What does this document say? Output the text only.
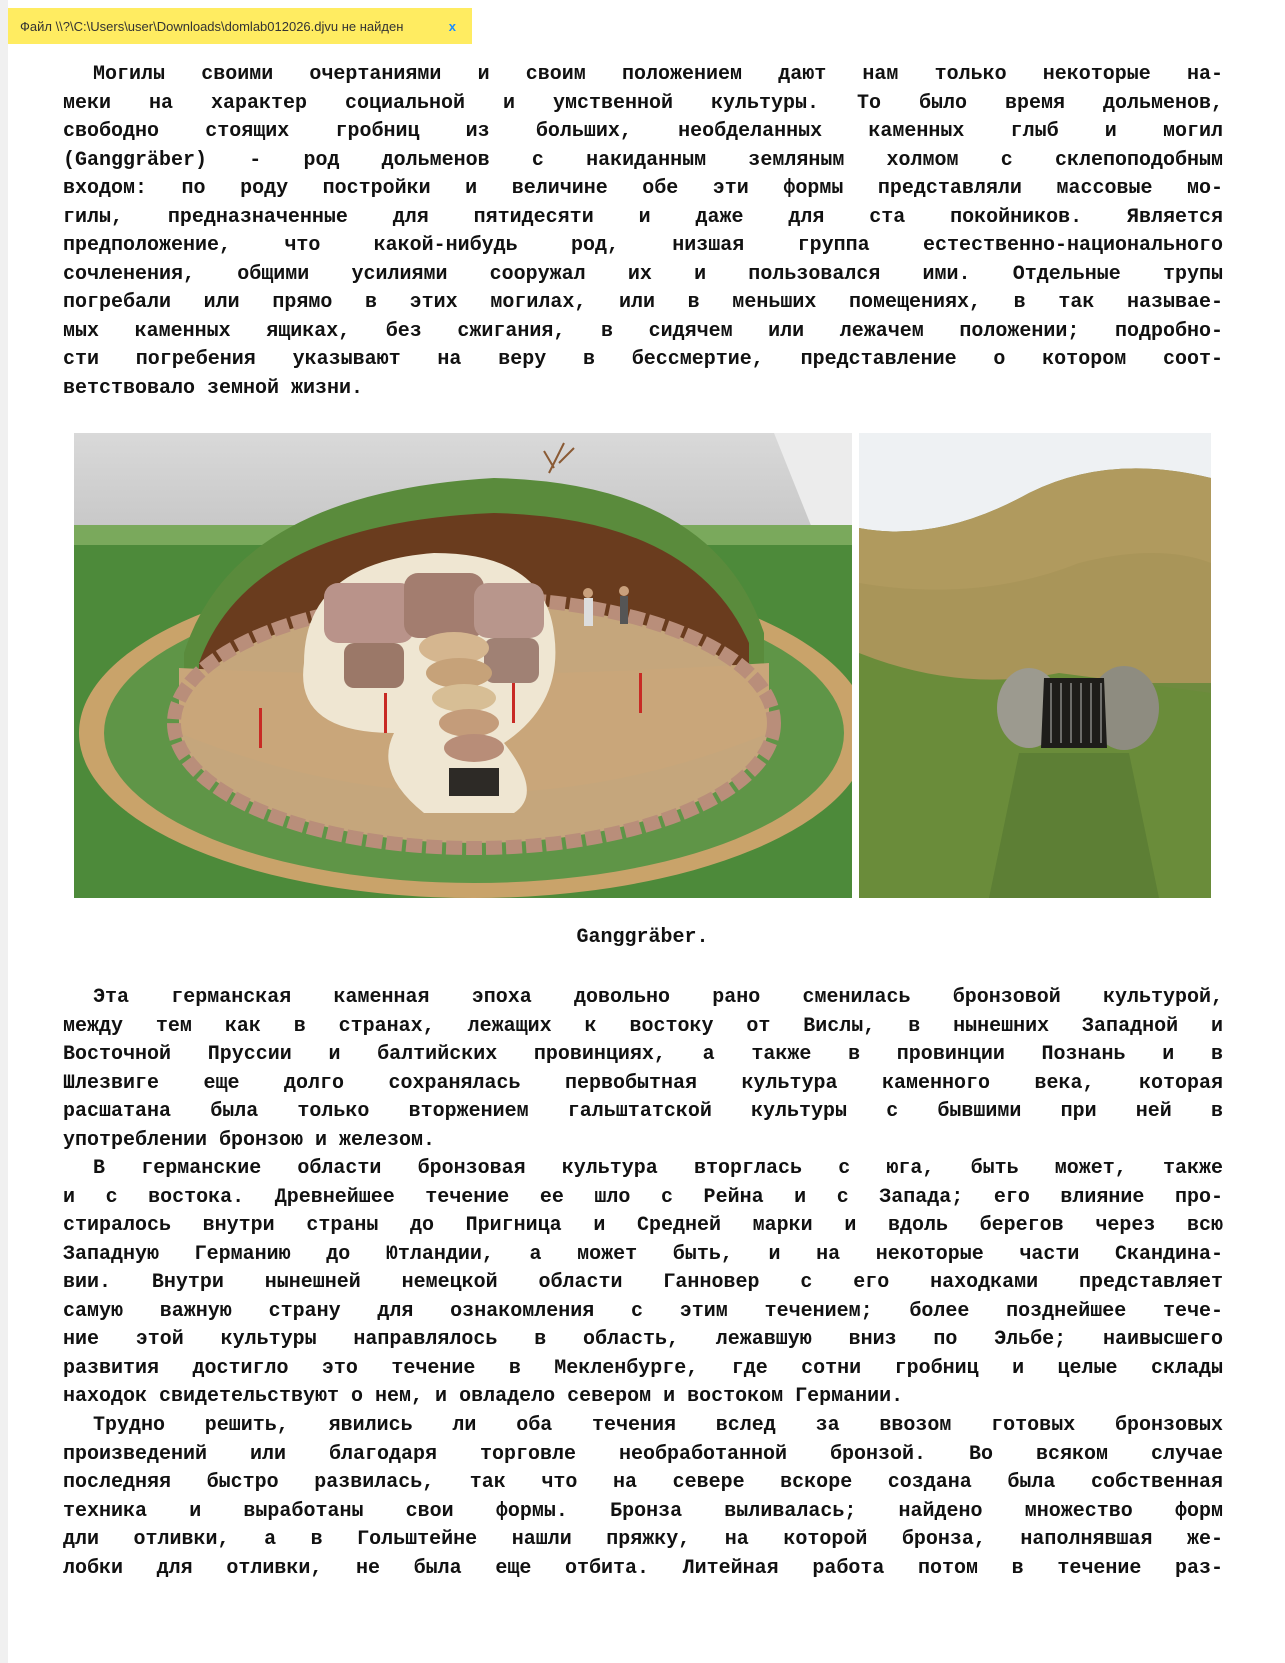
Файл \\?\C:\Users\user\Downloads\domlab012026.djvu не найден	x
Могилы своими очертаниями и своим положением дают нам только некоторые на-
меки на характер социальной и умственной культуры. То было время дольменов,
свободно стоящих гробниц из больших, необделанных каменных глыб и могил
(Ganggräber) - род дольменов с накиданным земляным холмом с склепоподобным
входом: по роду постройки и величине обе эти формы представляли массовые мо-
гилы, предназначенные для пятидесяти и даже для ста покойников. Является
предположение, что какой-нибудь род, низшая группа естественно-национального
сочленения, общими усилиями сооружал их и пользовался ими. Отдельные трупы
погребали или прямо в этих могилах, или в меньших помещениях, в так называе-
мых каменных ящиках, без сжигания, в сидячем или лежачем положении; подробно-
сти погребения указывают на веру в бессмертие, представление о котором соот-
ветствовало земной жизни.
Ganggräber.
Эта германская каменная эпоха довольно рано сменилась бронзовой культурой,
между тем как в странах, лежащих к востоку от Вислы, в нынешних Западной и
Восточной Пруссии и балтийских провинциях, а также в провинции Познань и в
Шлезвиге еще долго сохранялась первобытная культура каменного века, которая
расшатана была только вторжением гальштатской культуры с бывшими при ней в
употреблении бронзою и железом.
В германские области бронзовая культура вторглась с юга, быть может, также
и с востока. Древнейшее течение ее шло с Рейна и с Запада; его влияние про-
стиралось внутри страны до Пригница и Средней марки и вдоль берегов через всю
Западную Германию до Ютландии, а может быть, и на некоторые части Скандина-
вии. Внутри нынешней немецкой области Ганновер с его находками представляет
самую важную страну для ознакомления с этим течением; более позднейшее тече-
ние этой культуры направлялось в область, лежавшую вниз по Эльбе; наивысшего
развития достигло это течение в Мекленбурге, где сотни гробниц и целые склады
находок свидетельствуют о нем, и овладело севером и востоком Германии.
Трудно решить, явились ли оба течения вслед за ввозом готовых бронзовых
произведений или благодаря торговле необработанной бронзой. Во всяком случае
последняя быстро развилась, так что на севере вскоре создана была собственная
техника и выработаны свои формы. Бронза выливалась; найдено множество форм
дли отливки, а в Гольштейне нашли пряжку, на которой бронза, наполнявшая же-
лобки для отливки, не была еще отбита. Литейная работа потом в течение раз-
